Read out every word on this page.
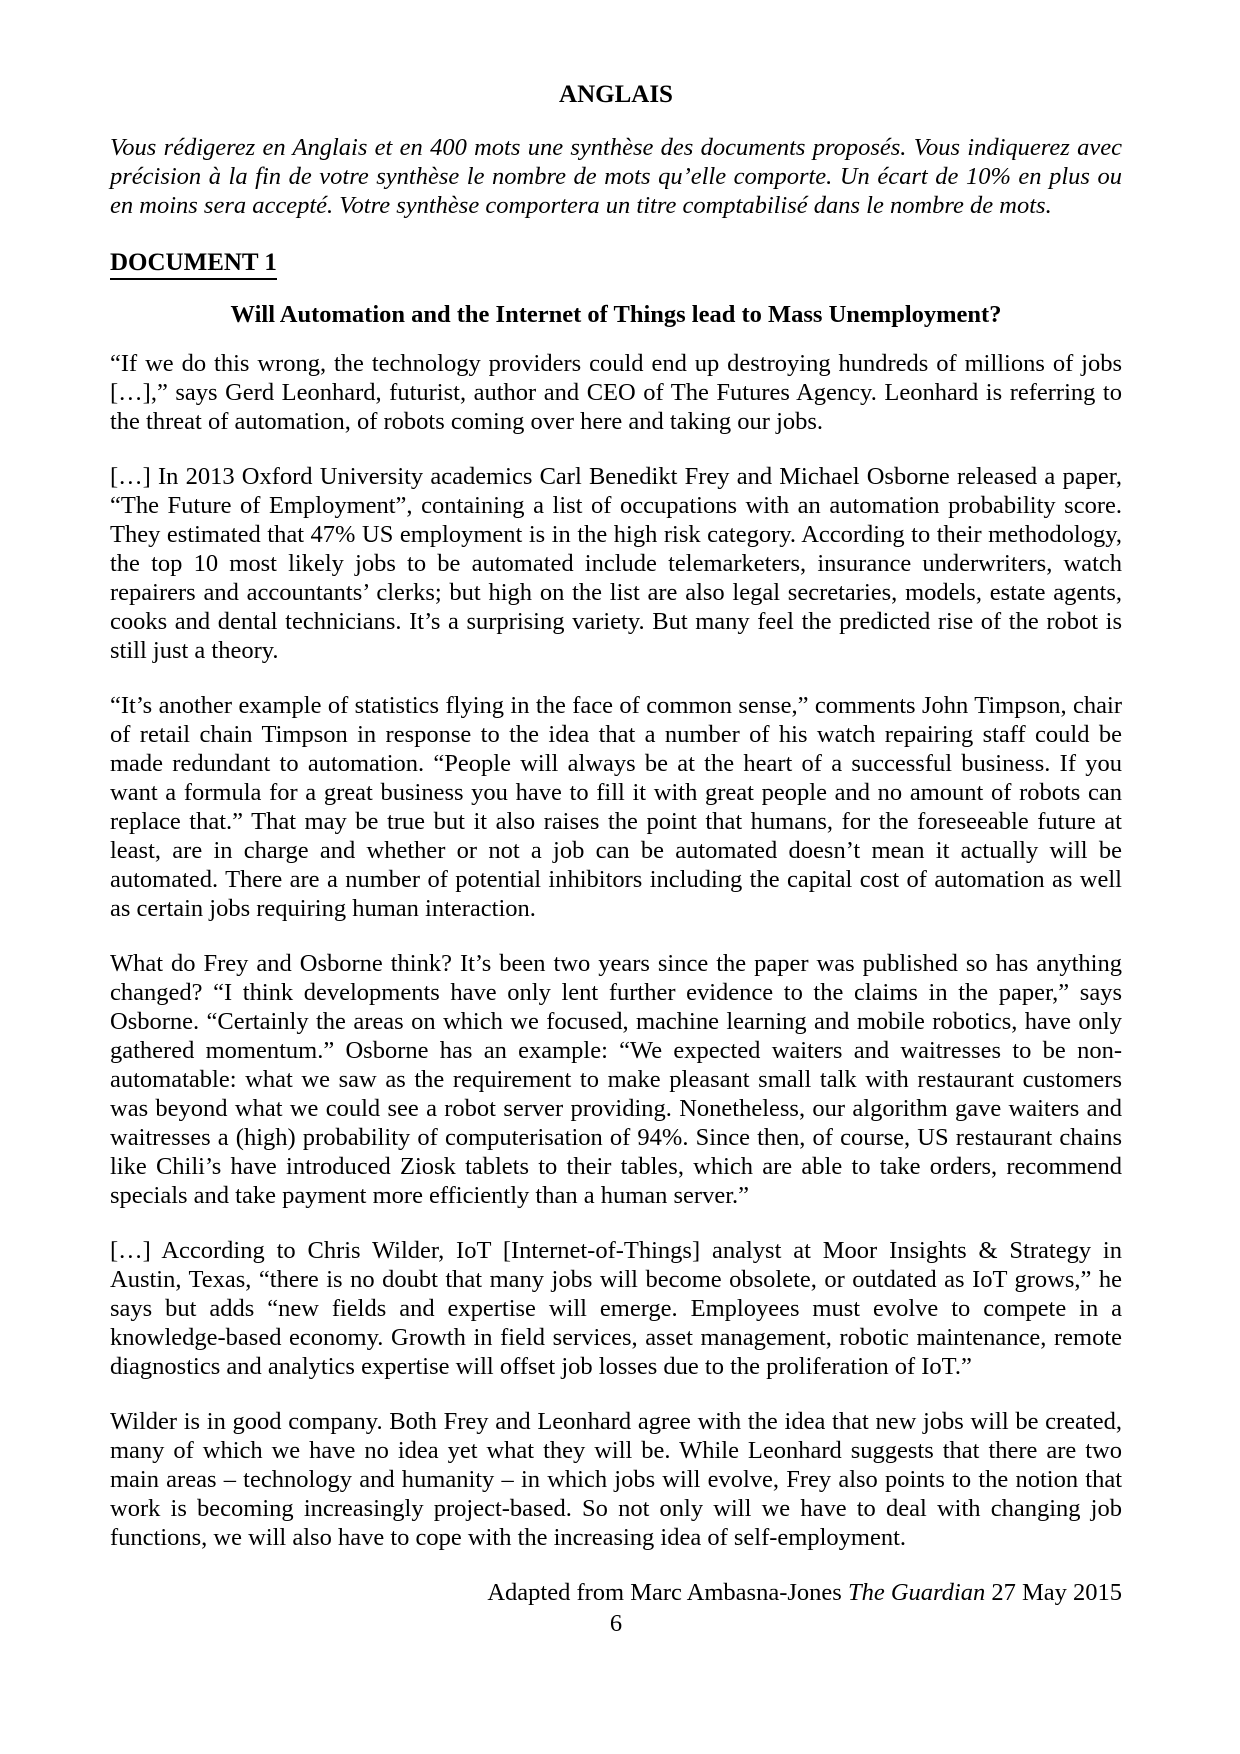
ANGLAIS

Vous rédigerez en Anglais et en 400 mots une synthèse des documents proposés. Vous indiquerez avec précision à la fin de votre synthèse le nombre de mots qu’elle comporte. Un écart de 10% en plus ou en moins sera accepté. Votre synthèse comportera un titre comptabilisé dans le nombre de mots.

DOCUMENT 1
Will Automation and the Internet of Things lead to Mass Unemployment?

“If we do this wrong, the technology providers could end up destroying hundreds of millions of jobs […],” says Gerd Leonhard, futurist, author and CEO of The Futures Agency. Leonhard is referring to the threat of automation, of robots coming over here and taking our jobs.

[…] In 2013 Oxford University academics Carl Benedikt Frey and Michael Osborne released a paper, “The Future of Employment”, containing a list of occupations with an automation probability score. They estimated that 47% US employment is in the high risk category. According to their methodology, the top 10 most likely jobs to be automated include telemarketers, insurance underwriters, watch repairers and accountants’ clerks; but high on the list are also legal secretaries, models, estate agents, cooks and dental technicians. It’s a surprising variety. But many feel the predicted rise of the robot is still just a theory.

“It’s another example of statistics flying in the face of common sense,” comments John Timpson, chair of retail chain Timpson in response to the idea that a number of his watch repairing staff could be made redundant to automation. “People will always be at the heart of a successful business. If you want a formula for a great business you have to fill it with great people and no amount of robots can replace that.” That may be true but it also raises the point that humans, for the foreseeable future at least, are in charge and whether or not a job can be automated doesn’t mean it actually will be automated. There are a number of potential inhibitors including the capital cost of automation as well as certain jobs requiring human interaction.

What do Frey and Osborne think? It’s been two years since the paper was published so has anything changed? “I think developments have only lent further evidence to the claims in the paper,” says Osborne. “Certainly the areas on which we focused, machine learning and mobile robotics, have only gathered momentum.” Osborne has an example: “We expected waiters and waitresses to be non-automatable: what we saw as the requirement to make pleasant small talk with restaurant customers was beyond what we could see a robot server providing. Nonetheless, our algorithm gave waiters and waitresses a (high) probability of computerisation of 94%. Since then, of course, US restaurant chains like Chili’s have introduced Ziosk tablets to their tables, which are able to take orders, recommend specials and take payment more efficiently than a human server.”

[…] According to Chris Wilder, IoT [Internet-of-Things] analyst at Moor Insights & Strategy in Austin, Texas, “there is no doubt that many jobs will become obsolete, or outdated as IoT grows,” he says but adds “new fields and expertise will emerge. Employees must evolve to compete in a knowledge-based economy. Growth in field services, asset management, robotic maintenance, remote diagnostics and analytics expertise will offset job losses due to the proliferation of IoT.”

Wilder is in good company. Both Frey and Leonhard agree with the idea that new jobs will be created, many of which we have no idea yet what they will be. While Leonhard suggests that there are two main areas – technology and humanity – in which jobs will evolve, Frey also points to the notion that work is becoming increasingly project-based. So not only will we have to deal with changing job functions, we will also have to cope with the increasing idea of self-employment.

Adapted from Marc Ambasna-Jones The Guardian 27 May 2015

6
